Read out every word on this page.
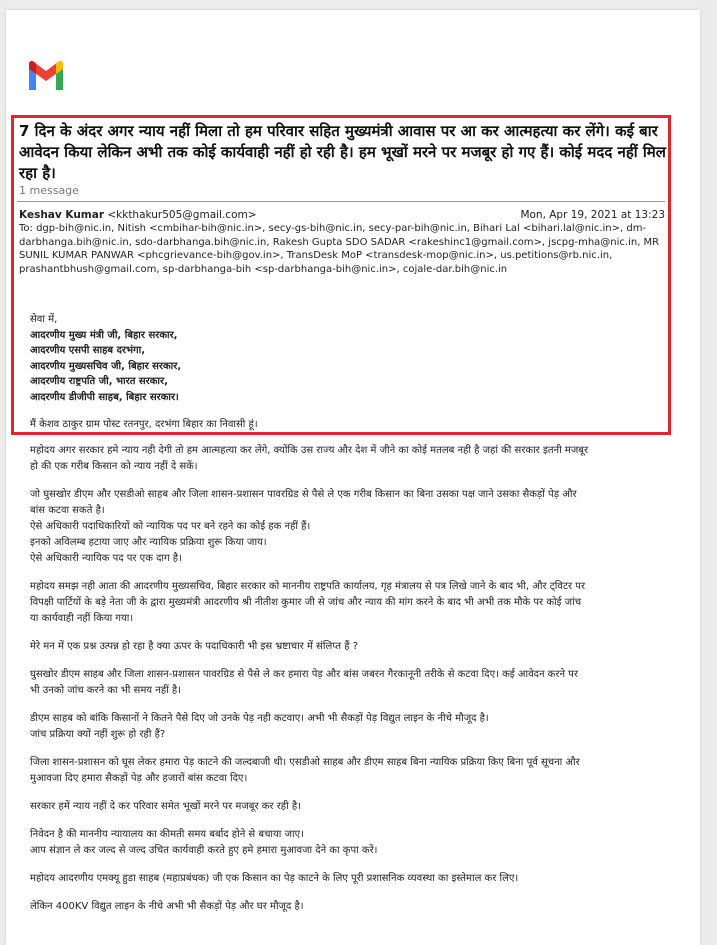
7 दिन के अंदर अगर न्याय नहीं मिला तो हम परिवार सहित मुख्यमंत्री आवास पर आ कर आत्महत्या कर लेंगे। कई बार आवेदन किया लेकिन अभी तक कोई कार्यवाही नहीं हो रही है। हम भूखों मरने पर मजबूर हो गए हैं। कोई मदद नहीं मिल रहा है।
1 message
Keshav Kumar <kkthakur505@gmail.com>	Mon, Apr 19, 2021 at 13:23
To: dgp-bih@nic.in, Nitish <cmbihar-bih@nic.in>, secy-gs-bih@nic.in, secy-par-bih@nic.in, Bihari Lal <bihari.lal@nic.in>, dm-darbhanga.bih@nic.in, sdo-darbhanga.bih@nic.in, Rakesh Gupta SDO SADAR <rakeshinc1@gmail.com>, jscpg-mha@nic.in, MR SUNIL KUMAR PANWAR <phcgrievance-bih@gov.in>, TransDesk MoP <transdesk-mop@nic.in>, us.petitions@rb.nic.in, prashantbhush@gmail.com, sp-darbhanga-bih <sp-darbhanga-bih@nic.in>, cojale-dar.bih@nic.in

सेवा में,

आदरणीय मुख्य मंत्री जी, बिहार सरकार,

आदरणीय एसपी साहब दरभंगा,

आदरणीय मुख्यसचिव जी, बिहार सरकार,

आदरणीय राष्ट्रपति जी, भारत सरकार,

आदरणीय डीजीपी साहब, बिहार सरकार।

मैं केशव ठाकुर ग्राम पोस्ट रतनपुर, दरभंगा बिहार का निवासी हूं।

महोदय अगर सरकार हमे न्याय नही देगी तो हम आत्महत्या कर लेंगे, क्योंकि उस राज्य और देश में जीने का कोई मतलब नही है जहां की सरकार इतनी मजबूर

हो की एक गरीब किसान को न्याय नहीं दे सकें।

जो घुसखोर डीएम और एसडीओ साहब और जिला शासन-प्रशासन पावरग्रिड से पैसे ले एक गरीब किसान का बिना उसका पक्ष जाने उसका सैकड़ों पेड़ और

बांस कटवा सकते है।

ऐसे अधिकारी पदाधिकारियों को न्यायिक पद पर बने रहने का कोई हक नहीं हैं।

इनको अविलम्ब हटाया जाए और न्यायिक प्रक्रिया शुरू किया जाय।

ऐसे अधिकारी न्यायिक पद पर एक दाग है।

महोदय समझ नही आता की आदरणीय मुख्यसचिव, बिहार सरकार को माननीय राष्ट्रपति कार्यालय, गृह मंत्रालय से पत्र लिखे जाने के बाद भी, और ट्विटर पर

विपक्षी पार्टियों के बड़े नेता जी के द्वारा मुख्यमंत्री आदरणीय श्री नीतीश कुमार जी से जांच और न्याय की मांग करने के बाद भी अभी तक मौके पर कोई जांच

या कार्यवाही नहीं किया गया।

मेरे मन में एक प्रश्न उत्पन्न हो रहा है क्या ऊपर के पदाधिकारी भी इस भ्रष्टाचार में संलिप्त हैं ?

घुसखोर डीएम साहब और जिला शासन-प्रशासन पावरग्रिड से पैसे ले कर हमारा पेड़ और बांस जबरन गैरकानूनी तरीके से कटवा दिए। कई आवेदन करने पर

भी उनको जांच करने का भी समय नहीं है।

डीएम साहब को बांकि किसानों ने कितने पैसे दिए जो उनके पेड़ नही कटवाए। अभी भी सैकड़ों पेड़ विद्युत लाइन के नीचे मौजूद है।

जांच प्रक्रिया क्यों नहीं शुरू हो रही हैं?

जिला शासन-प्रशासन को घूस लेकर हमारा पेड़ काटने की जल्दबाजी थी। एसडीओ साहब और डीएम साहब बिना न्यायिक प्रक्रिया किए बिना पूर्व सूचना और

मुआवजा दिए हमारा सैकड़ों पेड़ और हजारों बांस कटवा दिए।

सरकार हमें न्याय नहीं दे कर परिवार समेत भूखों मरने पर मजबूर कर रही है।

निवेदन है की माननीय न्यायालय का कीमती समय बर्बाद होने से बचाया जाए।

आप संज्ञान ले कर जल्द से जल्द उचित कार्यवाही करते हुए हमे हमारा मुआवजा देने का कृपा करें।

महोदय आदरणीय एमक्यू हुडा साहब (महाप्रबंधक) जी एक किसान का पेड़ काटने के लिए पूरी प्रशासनिक व्यवस्था का इस्तेमाल कर लिए।

लेकिन 400KV विद्युत लाइन के नीचे अभी भी सैकड़ों पेड़ और घर मौजूद है।
